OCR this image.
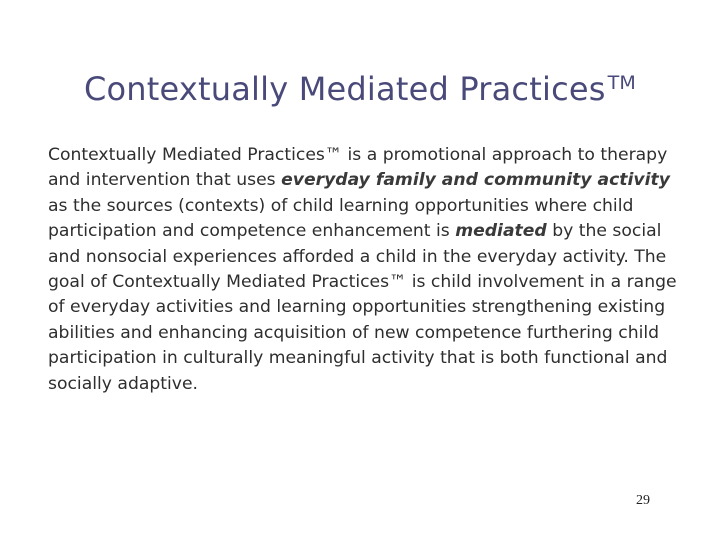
Contextually Mediated Practices ™

Contextually Mediated Practices™ is a promotional approach to therapy and intervention that uses everyday family and community activity as the sources (contexts) of child learning opportunities where child participation and competence enhancement is mediated by the social and nonsocial experiences afforded a child in the everyday activity. The goal of Contextually Mediated Practices™ is child involvement in a range of everyday activities and learning opportunities strengthening existing abilities and enhancing acquisition of new competence furthering child participation in culturally meaningful activity that is both functional and socially adaptive.

29
